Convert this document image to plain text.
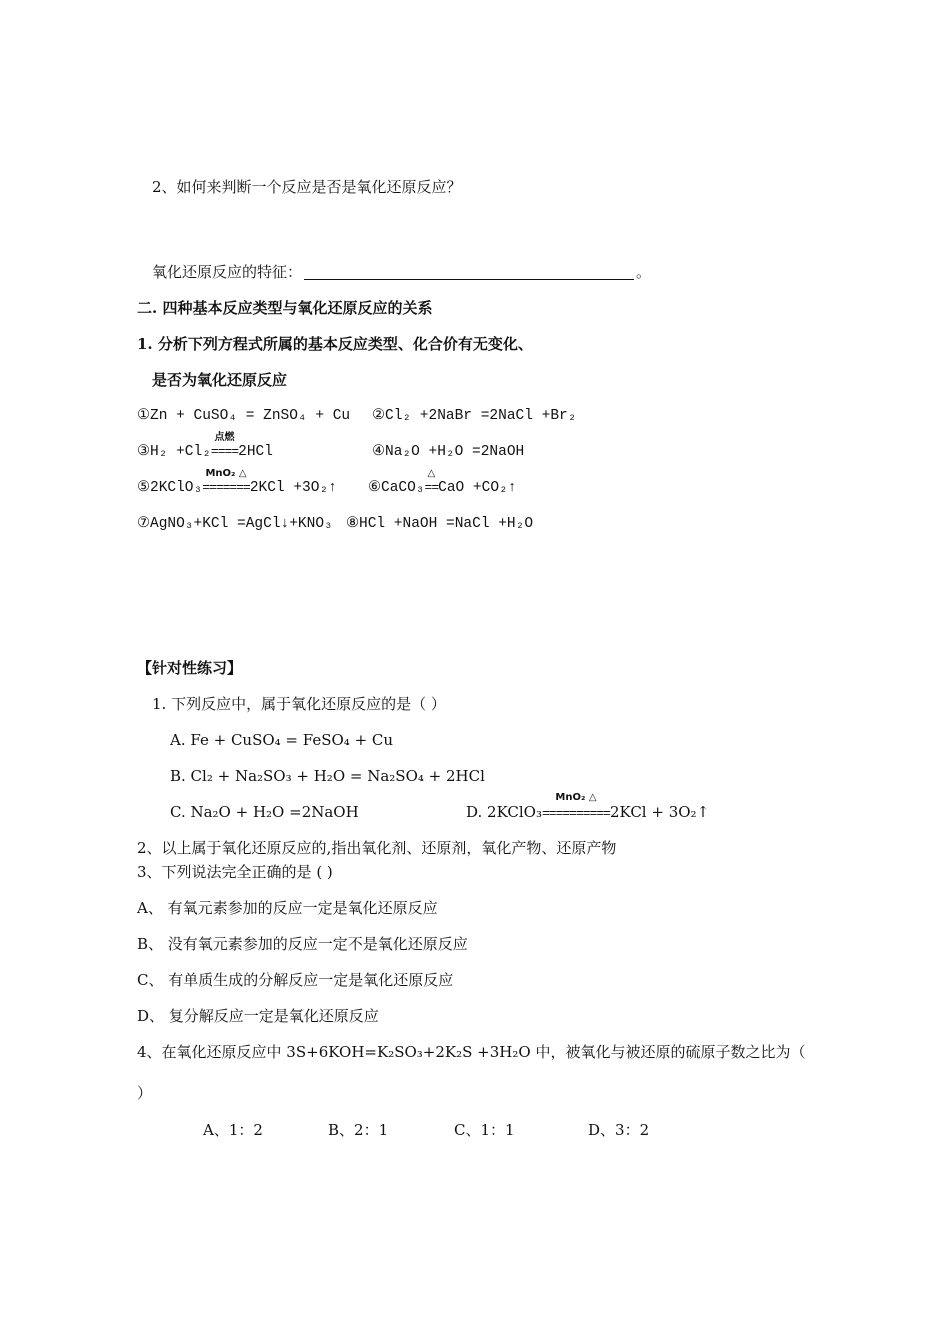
2、如何来判断一个反应是否是氧化还原反应？
氧化还原反应的特征：	。
二. 四种基本反应类型与氧化还原反应的关系
1. 分析下列方程式所属的基本反应类型、化合价有无变化、
是否为氧化还原反应
①Zn + CuSO₄ = ZnSO₄ + Cu ②Cl₂ +2NaBr =2NaCl +Br₂
③H₂ +Cl₂
点燃
====2HCl	④Na₂O +H₂O =2NaOH
⑤2KClO₃
MnO₂ △
=======2KCl +3O₂↑ ⑥CaCO₃
△
==CaO +CO₂↑
⑦AgNO₃+KCl =AgCl↓+KNO₃ ⑧HCl +NaOH =NaCl +H₂O
【针对性练习】
1. 下列反应中，属于氧化还原反应的是（ ）
A. Fe + CuSO₄ = FeSO₄ + Cu
B. Cl₂ + Na₂SO₃ + H₂O = Na₂SO₄ + 2HCl
C. Na₂O + H₂O =2NaOH	D. 2KClO₃
MnO₂ △
==========2KCl + 3O₂↑
2、以上属于氧化还原反应的,指出氧化剂、还原剂，氧化产物、还原产物
3、下列说法完全正确的是 ( )
A、 有氧元素参加的反应一定是氧化还原反应
B、 没有氧元素参加的反应一定不是氧化还原反应
C、 有单质生成的分解反应一定是氧化还原反应
D、 复分解反应一定是氧化还原反应
4、在氧化还原反应中 3S+6KOH=K₂SO₃+2K₂S +3H₂O 中，被氧化与被还原的硫原子数之比为（
）
A、1：2	B、2：1	C、1：1	D、3：2
